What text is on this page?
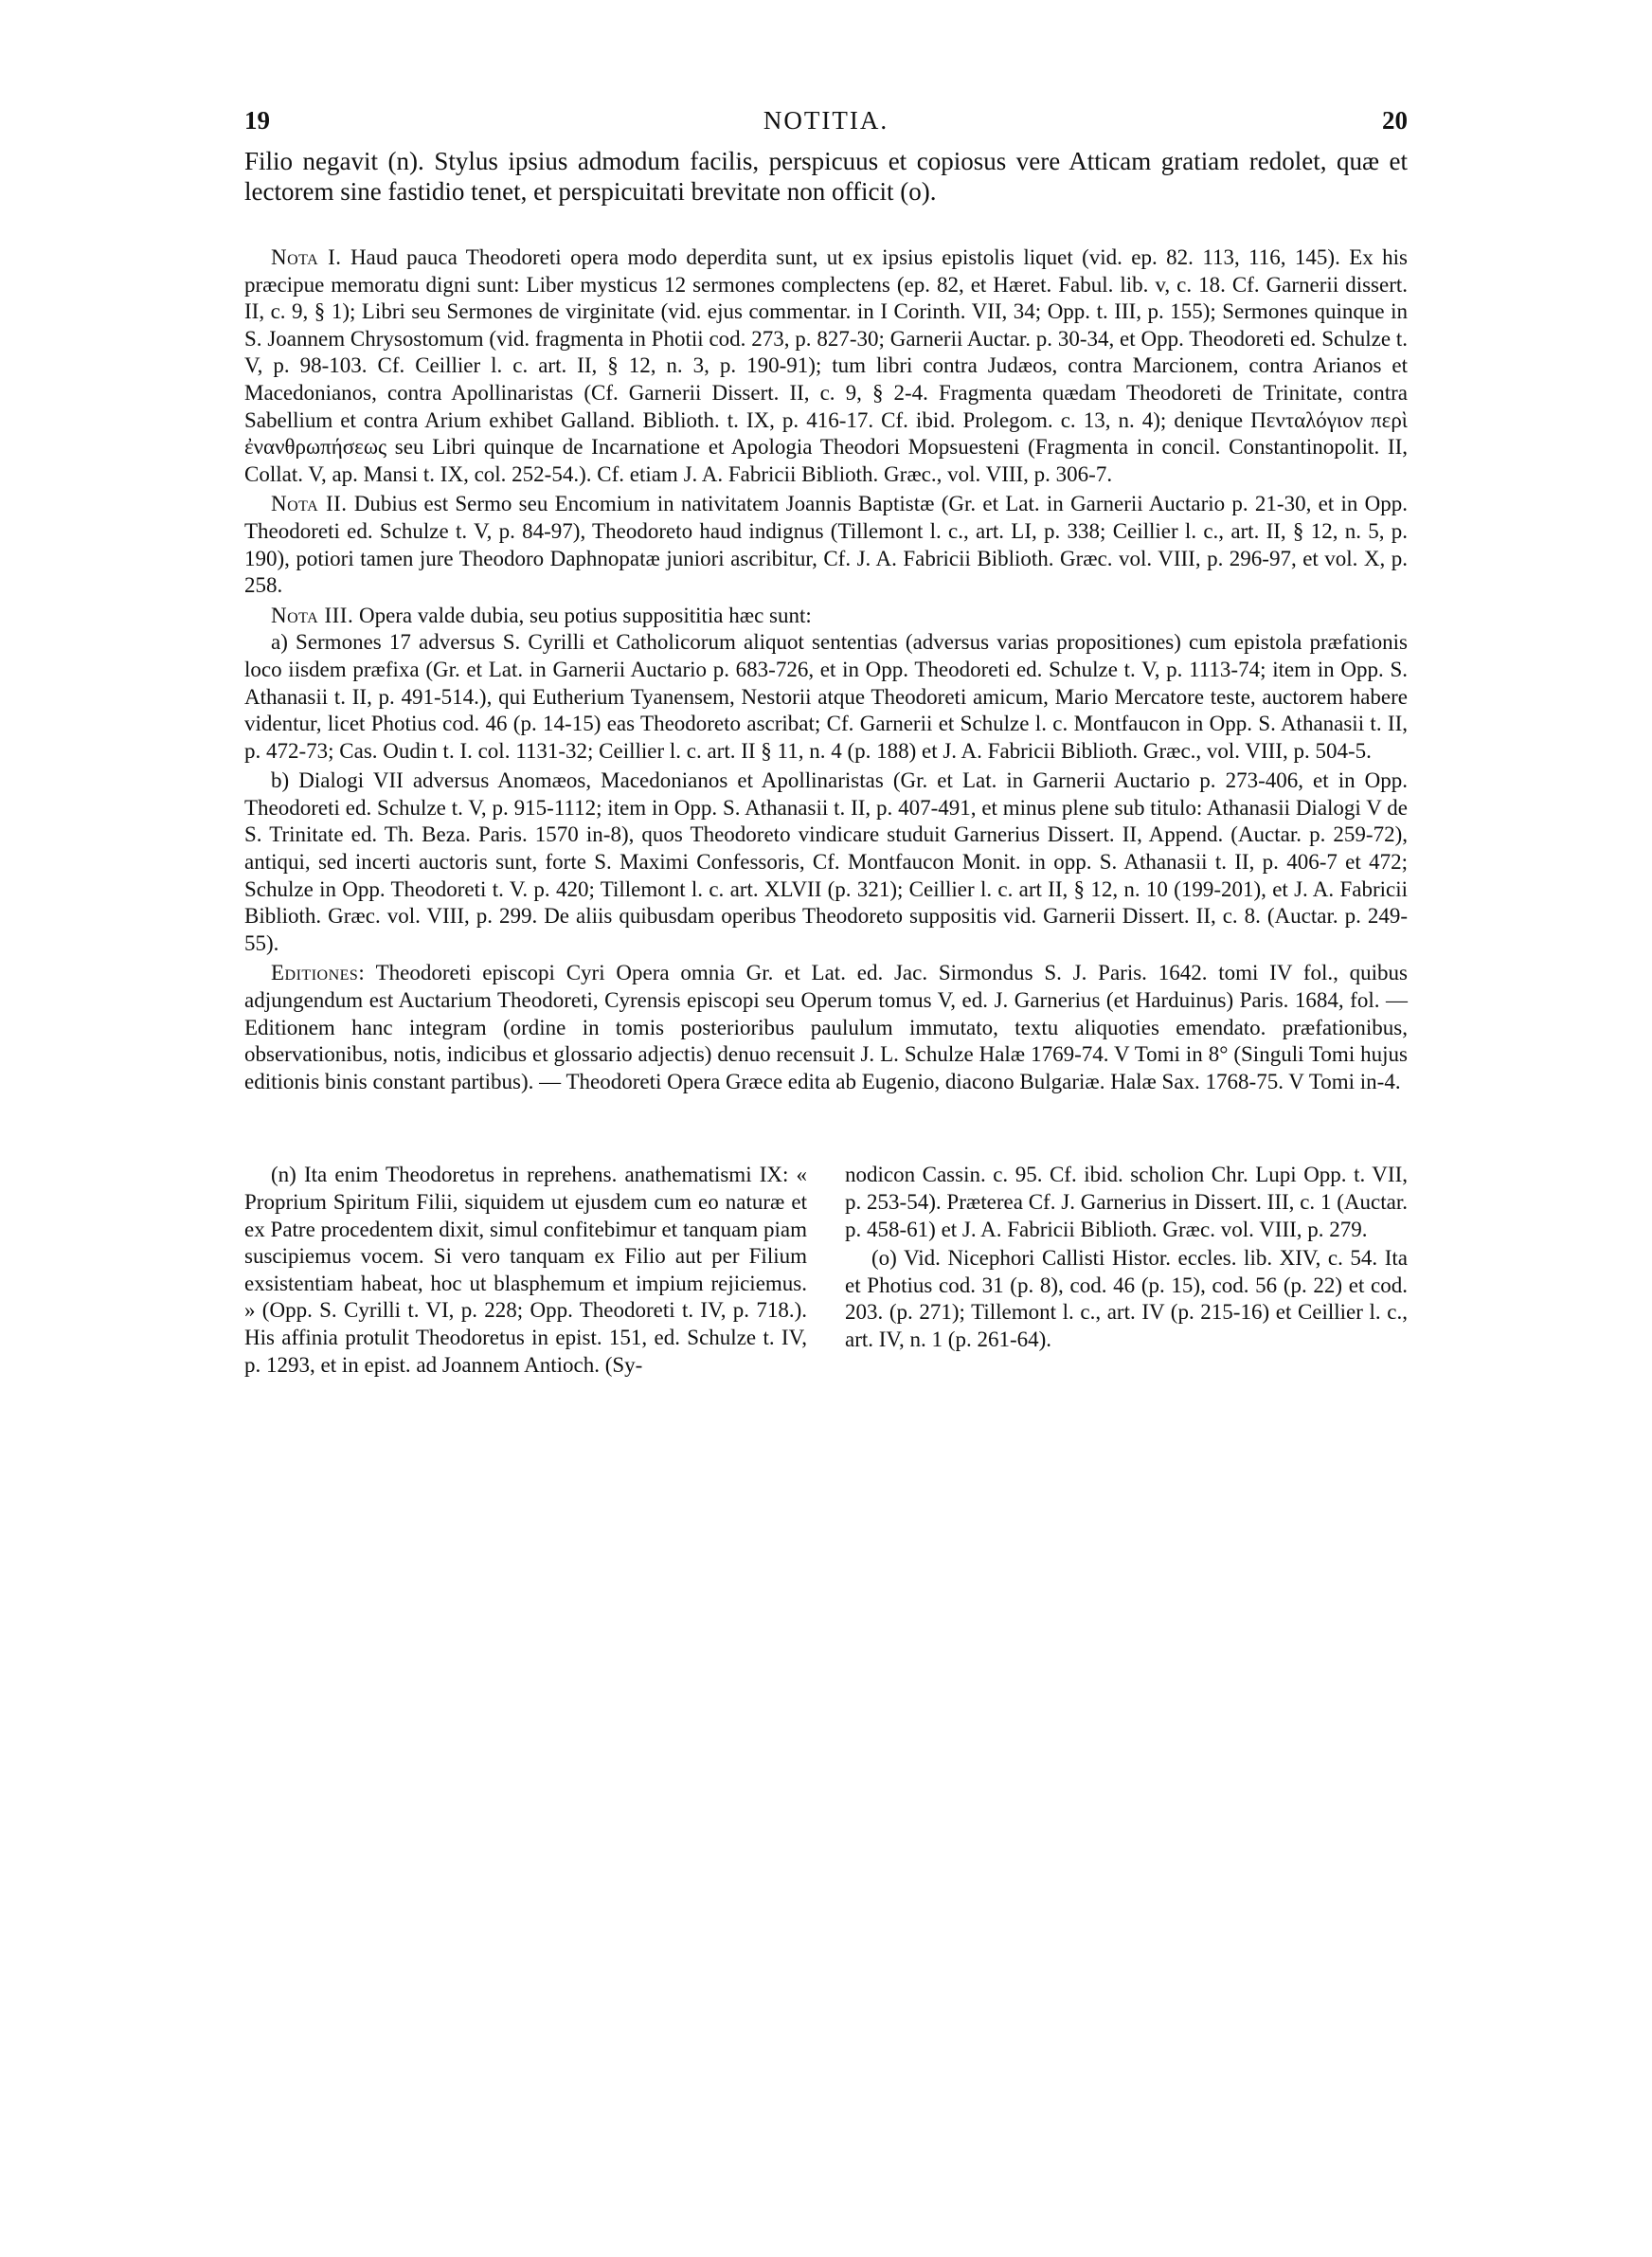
19	NOTITIA.	20
Filio negavit (n). Stylus ipsius admodum facilis, perspicuus et copiosus vere Atticam gratiam redolet, quæ et lectorem sine fastidio tenet, et perspicuitati brevitate non officit (o).

Nota I. Haud pauca Theodoreti opera modo deperdita sunt, ut ex ipsius epistolis liquet (vid. ep. 82. 113, 116, 145). Ex his præcipue memoratu digni sunt: Liber mysticus 12 sermones complectens (ep. 82, et Hæret. Fabul. lib. v, c. 18. Cf. Garnerii dissert. II, c. 9, § 1); Libri seu Sermones de virginitate (vid. ejus commentar. in I Corinth. VII, 34; Opp. t. III, p. 155); Sermones quinque in S. Joannem Chrysostomum (vid. fragmenta in Photii cod. 273, p. 827-30; Garnerii Auctar. p. 30-34, et Opp. Theodoreti ed. Schulze t. V, p. 98-103. Cf. Ceillier l. c. art. II, § 12, n. 3, p. 190-91); tum libri contra Judæos, contra Marcionem, contra Arianos et Macedonianos, contra Apollinaristas (Cf. Garnerii Dissert. II, c. 9, § 2-4. Fragmenta quædam Theodoreti de Trinitate, contra Sabellium et contra Arium exhibet Galland. Biblioth. t. IX, p. 416-17. Cf. ibid. Prolegom. c. 13, n. 4); denique Πενταλόγιον περὶ ἐνανθρωπήσεως seu Libri quinque de Incarnatione et Apologia Theodori Mopsuesteni (Fragmenta in concil. Constantinopolit. II, Collat. V, ap. Mansi t. IX, col. 252-54.). Cf. etiam J. A. Fabricii Biblioth. Græc., vol. VIII, p. 306-7.

Nota II. Dubius est Sermo seu Encomium in nativitatem Joannis Baptistæ (Gr. et Lat. in Garnerii Auctario p. 21-30, et in Opp. Theodoreti ed. Schulze t. V, p. 84-97), Theodoreto haud indignus (Tillemont l. c., art. LI, p. 338; Ceillier l. c., art. II, § 12, n. 5, p. 190), potiori tamen jure Theodoro Daphnopatæ juniori ascribitur, Cf. J. A. Fabricii Biblioth. Græc. vol. VIII, p. 296-97, et vol. X, p. 258.

Nota III. Opera valde dubia, seu potius supposititia hæc sunt:

a) Sermones 17 adversus S. Cyrilli et Catholicorum aliquot sententias (adversus varias propositiones) cum epistola præfationis loco iisdem præfixa (Gr. et Lat. in Garnerii Auctario p. 683-726, et in Opp. Theodoreti ed. Schulze t. V, p. 1113-74; item in Opp. S. Athanasii t. II, p. 491-514.), qui Eutherium Tyanensem, Nestorii atque Theodoreti amicum, Mario Mercatore teste, auctorem habere videntur, licet Photius cod. 46 (p. 14-15) eas Theodoreto ascribat; Cf. Garnerii et Schulze l. c. Montfaucon in Opp. S. Athanasii t. II, p. 472-73; Cas. Oudin t. I. col. 1131-32; Ceillier l. c. art. II § 11, n. 4 (p. 188) et J. A. Fabricii Biblioth. Græc., vol. VIII, p. 504-5.

b) Dialogi VII adversus Anomæos, Macedonianos et Apollinaristas (Gr. et Lat. in Garnerii Auctario p. 273-406, et in Opp. Theodoreti ed. Schulze t. V, p. 915-1112; item in Opp. S. Athanasii t. II, p. 407-491, et minus plene sub titulo: Athanasii Dialogi V de S. Trinitate ed. Th. Beza. Paris. 1570 in-8), quos Theodoreto vindicare studuit Garnerius Dissert. II, Append. (Auctar. p. 259-72), antiqui, sed incerti auctoris sunt, forte S. Maximi Confessoris, Cf. Montfaucon Monit. in opp. S. Athanasii t. II, p. 406-7 et 472; Schulze in Opp. Theodoreti t. V. p. 420; Tillemont l. c. art. XLVII (p. 321); Ceillier l. c. art II, § 12, n. 10 (199-201), et J. A. Fabricii Biblioth. Græc. vol. VIII, p. 299. De aliis quibusdam operibus Theodoreto suppositis vid. Garnerii Dissert. II, c. 8. (Auctar. p. 249-55).

Editiones: Theodoreti episcopi Cyri Opera omnia Gr. et Lat. ed. Jac. Sirmondus S. J. Paris. 1642. tomi IV fol., quibus adjungendum est Auctarium Theodoreti, Cyrensis episcopi seu Operum tomus V, ed. J. Garnerius (et Harduinus) Paris. 1684, fol. — Editionem hanc integram (ordine in tomis posterioribus paululum immutato, textu aliquoties emendato. præfationibus, observationibus, notis, indicibus et glossario adjectis) denuo recensuit J. L. Schulze Halæ 1769-74. V Tomi in 8° (Singuli Tomi hujus editionis binis constant partibus). — Theodoreti Opera Græce edita ab Eugenio, diacono Bulgariæ. Halæ Sax. 1768-75. V Tomi in-4.

(n) Ita enim Theodoretus in reprehens. anathematismi IX: « Proprium Spiritum Filii, siquidem ut ejusdem cum eo naturæ et ex Patre procedentem dixit, simul confitebimur et tanquam piam suscipiemus vocem. Si vero tanquam ex Filio aut per Filium exsistentiam habeat, hoc ut blasphemum et impium rejiciemus. » (Opp. S. Cyrilli t. VI, p. 228; Opp. Theodoreti t. IV, p. 718.). His affinia protulit Theodoretus in epist. 151, ed. Schulze t. IV, p. 1293, et in epist. ad Joannem Antioch. (Sy-

nodicon Cassin. c. 95. Cf. ibid. scholion Chr. Lupi Opp. t. VII, p. 253-54). Præterea Cf. J. Garnerius in Dissert. III, c. 1 (Auctar. p. 458-61) et J. A. Fabricii Biblioth. Græc. vol. VIII, p. 279.

(o) Vid. Nicephori Callisti Histor. eccles. lib. XIV, c. 54. Ita et Photius cod. 31 (p. 8), cod. 46 (p. 15), cod. 56 (p. 22) et cod. 203. (p. 271); Tillemont l. c., art. IV (p. 215-16) et Ceillier l. c., art. IV, n. 1 (p. 261-64).
